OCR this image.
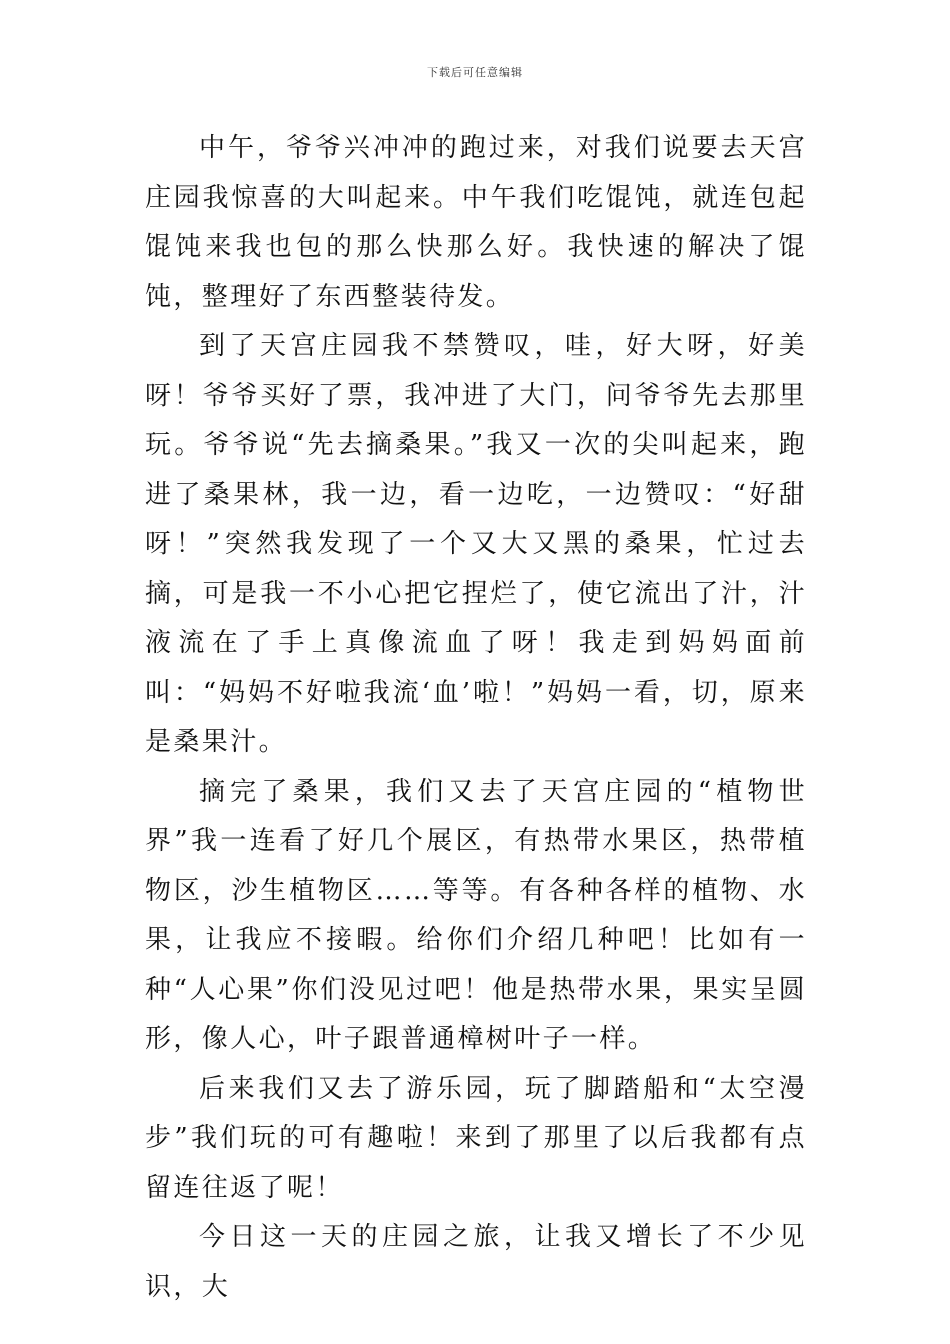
下载后可任意编辑

中午，爷爷兴冲冲的跑过来，对我们说要去天宫庄园我惊喜的大叫起来。中午我们吃馄饨，就连包起馄饨来我也包的那么快那么好。我快速的解决了馄饨，整理好了东西整装待发。

到了天宫庄园我不禁赞叹，哇，好大呀，好美呀！爷爷买好了票，我冲进了大门，问爷爷先去那里玩。爷爷说“先去摘桑果。”我又一次的尖叫起来，跑进了桑果林，我一边，看一边吃，一边赞叹：“好甜呀！”突然我发现了一个又大又黑的桑果，忙过去摘，可是我一不小心把它捏烂了，使它流出了汁，汁液流在了手上真像流血了呀！我走到妈妈面前叫：“妈妈不好啦我流‘血’啦！”妈妈一看，切，原来是桑果汁。

摘完了桑果，我们又去了天宫庄园的“植物世界”我一连看了好几个展区，有热带水果区，热带植物区，沙生植物区……等等。有各种各样的植物、水果，让我应不接暇。给你们介绍几种吧！比如有一种“人心果”你们没见过吧！他是热带水果，果实呈圆形，像人心，叶子跟普通樟树叶子一样。

后来我们又去了游乐园，玩了脚踏船和“太空漫步”我们玩的可有趣啦！来到了那里了以后我都有点留连往返了呢！

今日这一天的庄园之旅，让我又增长了不少见识，大
